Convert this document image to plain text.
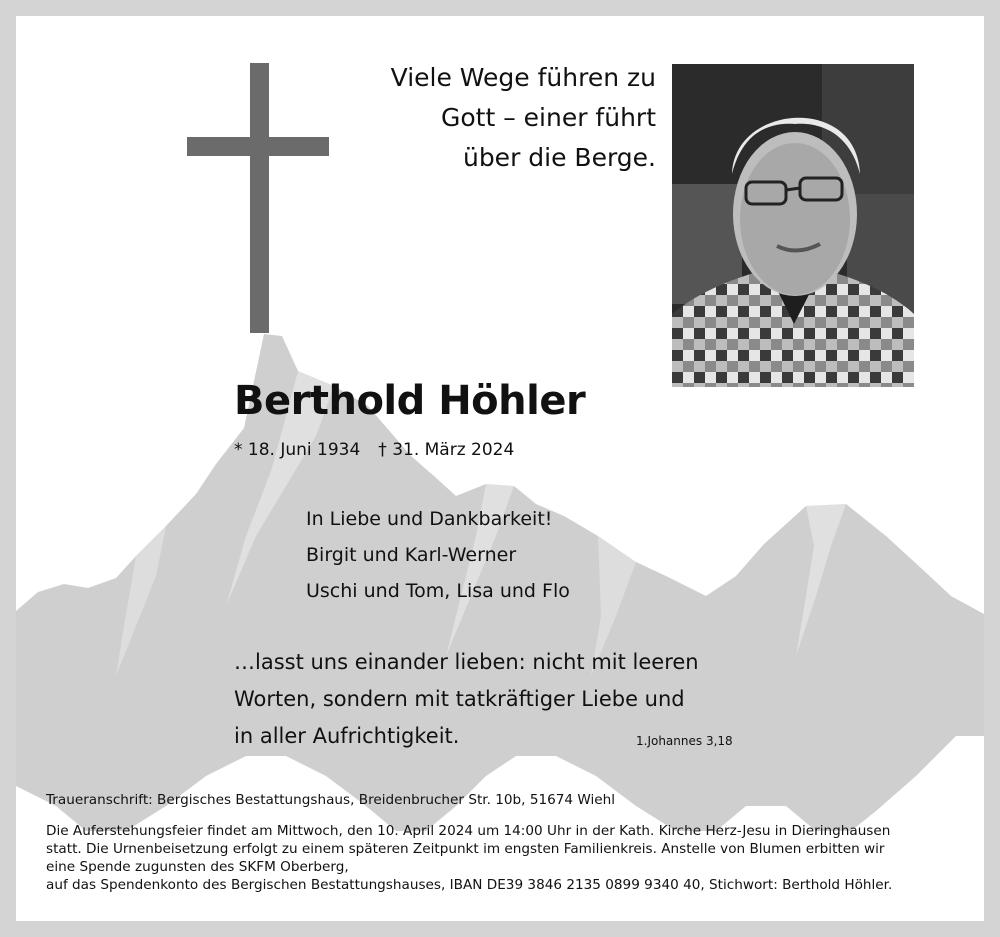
Viele Wege führen zu
Gott – einer führt
über die Berge.
Berthold Höhler
* 18. Juni 1934 † 31. März 2024
In Liebe und Dankbarkeit!
Birgit und Karl-Werner
Uschi und Tom, Lisa und Flo
…lasst uns einander lieben: nicht mit leeren
Worten, sondern mit tatkräftiger Liebe und
in aller Aufrichtigkeit.	1.Johannes 3,18
Traueranschrift: Bergisches Bestattungshaus, Breidenbrucher Str. 10b, 51674 Wiehl
Die Auferstehungsfeier findet am Mittwoch, den 10. April 2024 um 14:00 Uhr in der Kath. Kirche Herz-Jesu in Dieringhausen
statt. Die Urnenbeisetzung erfolgt zu einem späteren Zeitpunkt im engsten Familienkreis. Anstelle von Blumen erbitten wir
eine Spende zugunsten des SKFM Oberberg,
auf das Spendenkonto des Bergischen Bestattungshauses, IBAN DE39 3846 2135 0899 9340 40, Stichwort: Berthold Höhler.
